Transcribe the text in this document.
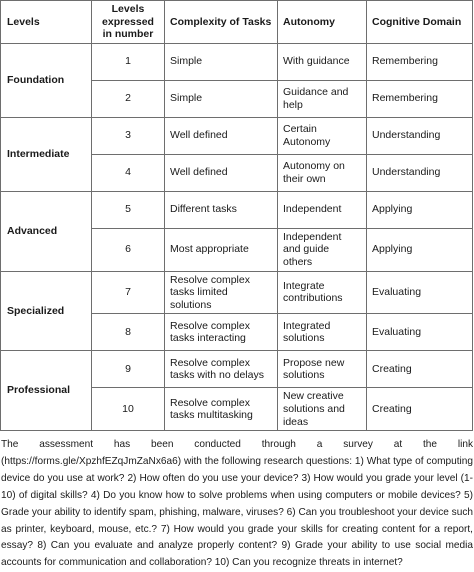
Levels	Levels expressed in number	Complexity of Tasks	Autonomy	Cognitive Domain
Foundation	1	Simple	With guidance	Remembering
	2	Simple	Guidance and help	Remembering
Intermediate	3	Well defined	Certain Autonomy	Understanding
	4	Well defined	Autonomy on their own	Understanding
Advanced	5	Different tasks	Independent	Applying
	6	Most appropriate	Independent and guide others	Applying
Specialized	7	Resolve complex tasks limited solutions	Integrate contributions	Evaluating
	8	Resolve complex tasks interacting	Integrated solutions	Evaluating
Professional	9	Resolve complex tasks with no delays	Propose new solutions	Creating
	10	Resolve complex tasks multitasking	New creative solutions and ideas	Creating

The assessment has been conducted through a survey at the link (https://forms.gle/XpzhfEZqJmZaNx6a6) with the following research questions: 1) What type of computing device do you use at work? 2) How often do you use your device? 3) How would you grade your level (1-10) of digital skills? 4) Do you know how to solve problems when using computers or mobile devices? 5) Grade your ability to identify spam, phishing, malware, viruses? 6) Can you troubleshoot your device such as printer, keyboard, mouse, etc.? 7) How would you grade your skills for creating content for a report, essay? 8) Can you evaluate and analyze properly content? 9) Grade your ability to use social media accounts for communication and collaboration? 10) Can you recognize threats in internet?
